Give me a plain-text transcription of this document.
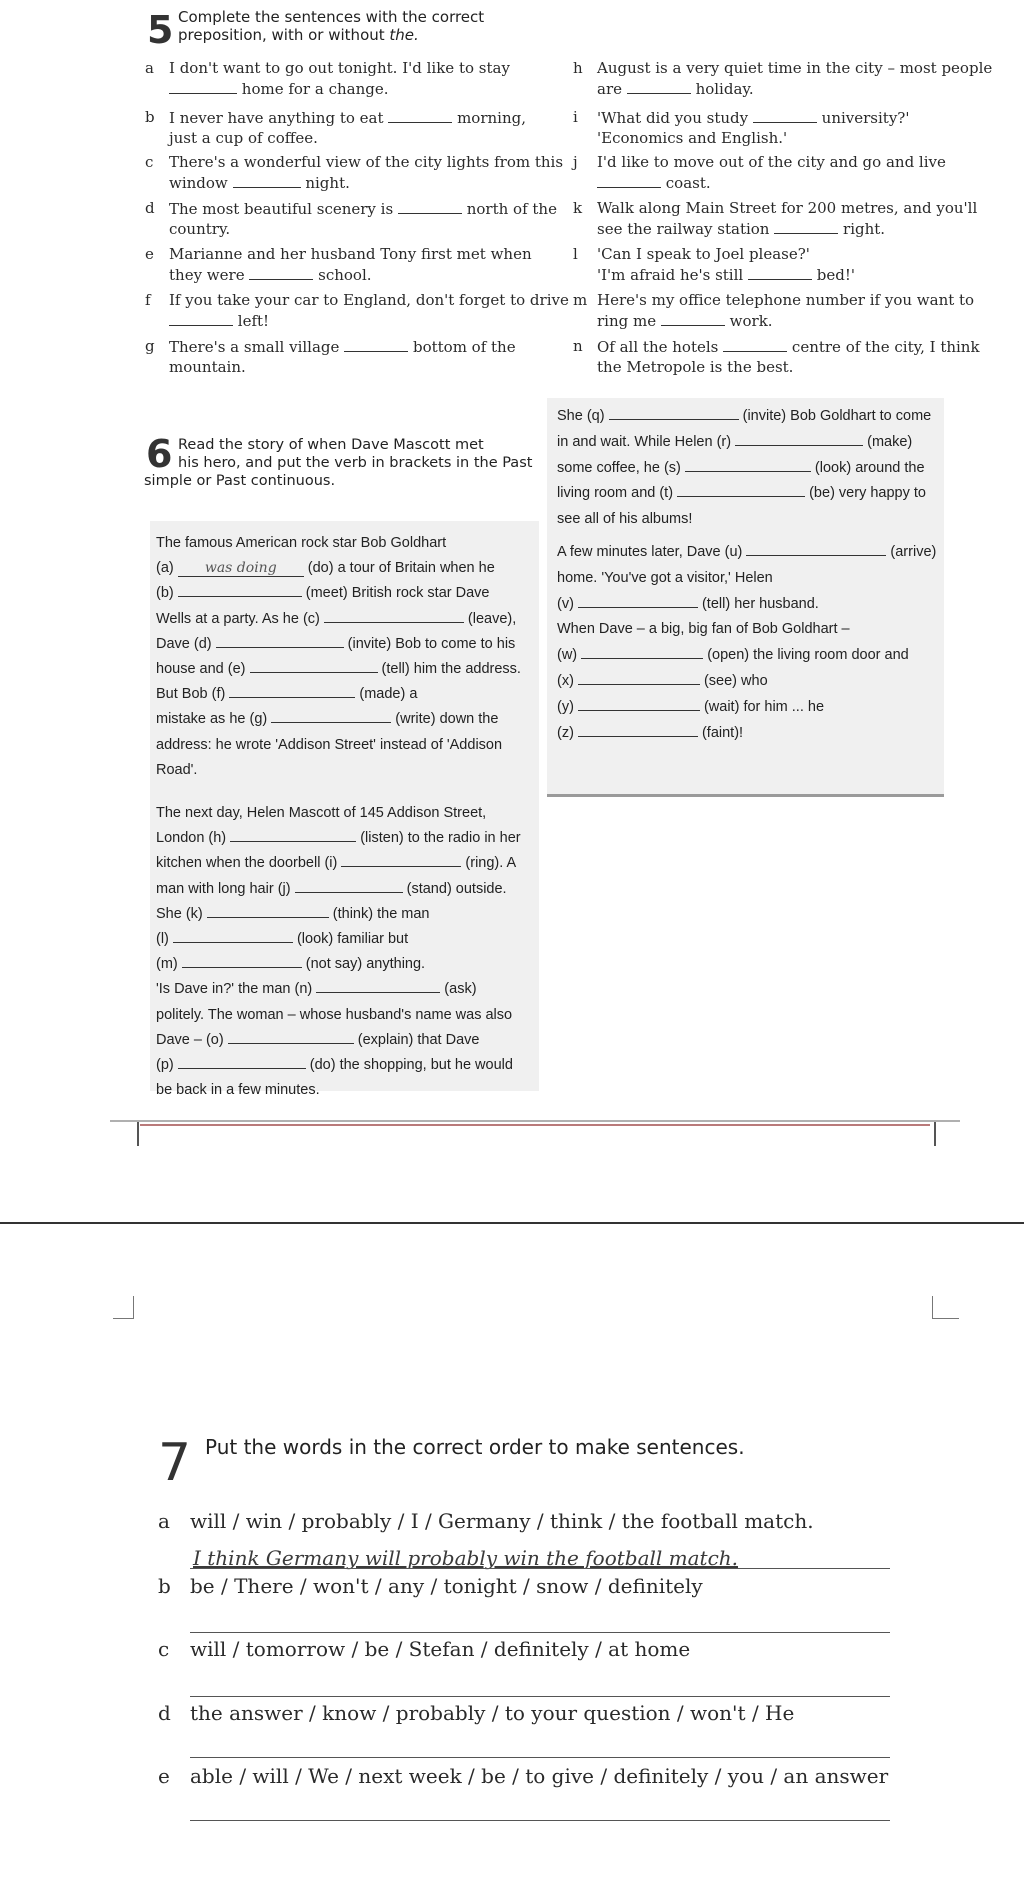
5 Complete the sentences with the correct
preposition, with or without the.
a	I don't want to go out tonight. I'd like to stay
home for a change.
b I never have anything to eat	morning,
just a cup of coffee.
c	There's a wonderful view of the city lights from this
window	night.
d The most beautiful scenery is	north of the
country.
e	Marianne and her husband Tony first met when
they were	school.
f	If you take your car to England, don't forget to drive
left!
g There's a small village	bottom of the
mountain.
h August is a very quiet time in the city – most people
are	holiday.
i	'What did you study	university?'
'Economics and English.'
j	I'd like to move out of the city and go and live
coast.
k Walk along Main Street for 200 metres, and you'll
see the railway station	right.
l	'Can I speak to Joel please?'
'I'm afraid he's still	bed!'
m Here's my office telephone number if you want to
ring me	work.
n Of all the hotels	centre of the city, I think
the Metropole is the best.
6 Read the story of when Dave Mascott met
his hero, and put the verb in brackets in the Past
simple or Past continuous.
The famous American rock star Bob Goldhart
(a) was doing (do) a tour of Britain when he
(b)	(meet) British rock star Dave
Wells at a party. As he (c)	(leave),
Dave (d)	(invite) Bob to come to his
house and (e)	(tell) him the address.
But Bob (f)	(made) a
mistake as he (g)	(write) down the
address: he wrote 'Addison Street' instead of 'Addison
Road'.
The next day, Helen Mascott of 145 Addison Street,
London (h)	(listen) to the radio in her
kitchen when the doorbell (i)	(ring). A
man with long hair (j)	(stand) outside.
She (k)	(think) the man
(l)	(look) familiar but
(m)	(not say) anything.
'Is Dave in?' the man (n)	(ask)
politely. The woman – whose husband's name was also
Dave – (o)	(explain) that Dave
(p)	(do) the shopping, but he would
be back in a few minutes.
She (q)	(invite) Bob Goldhart to come
in and wait. While Helen (r)	(make)
some coffee, he (s)	(look) around the
living room and (t)	(be) very happy to
see all of his albums!
A few minutes later, Dave (u)	(arrive)
home. 'You've got a visitor,' Helen
(v)	(tell) her husband.
When Dave – a big, big fan of Bob Goldhart –
(w)	(open) the living room door and
(x)	(see) who
(y)	(wait) for him ... he
(z)	(faint)!
7 Put the words in the correct order to make sentences.
a will / win / probably / I / Germany / think / the football match.
I think Germany will probably win the football match.
b be / There / won't / any / tonight / snow / definitely
c will / tomorrow / be / Stefan / definitely / at home
d the answer / know / probably / to your question / won't / He
e able / will / We / next week / be / to give / definitely / you / an answer
